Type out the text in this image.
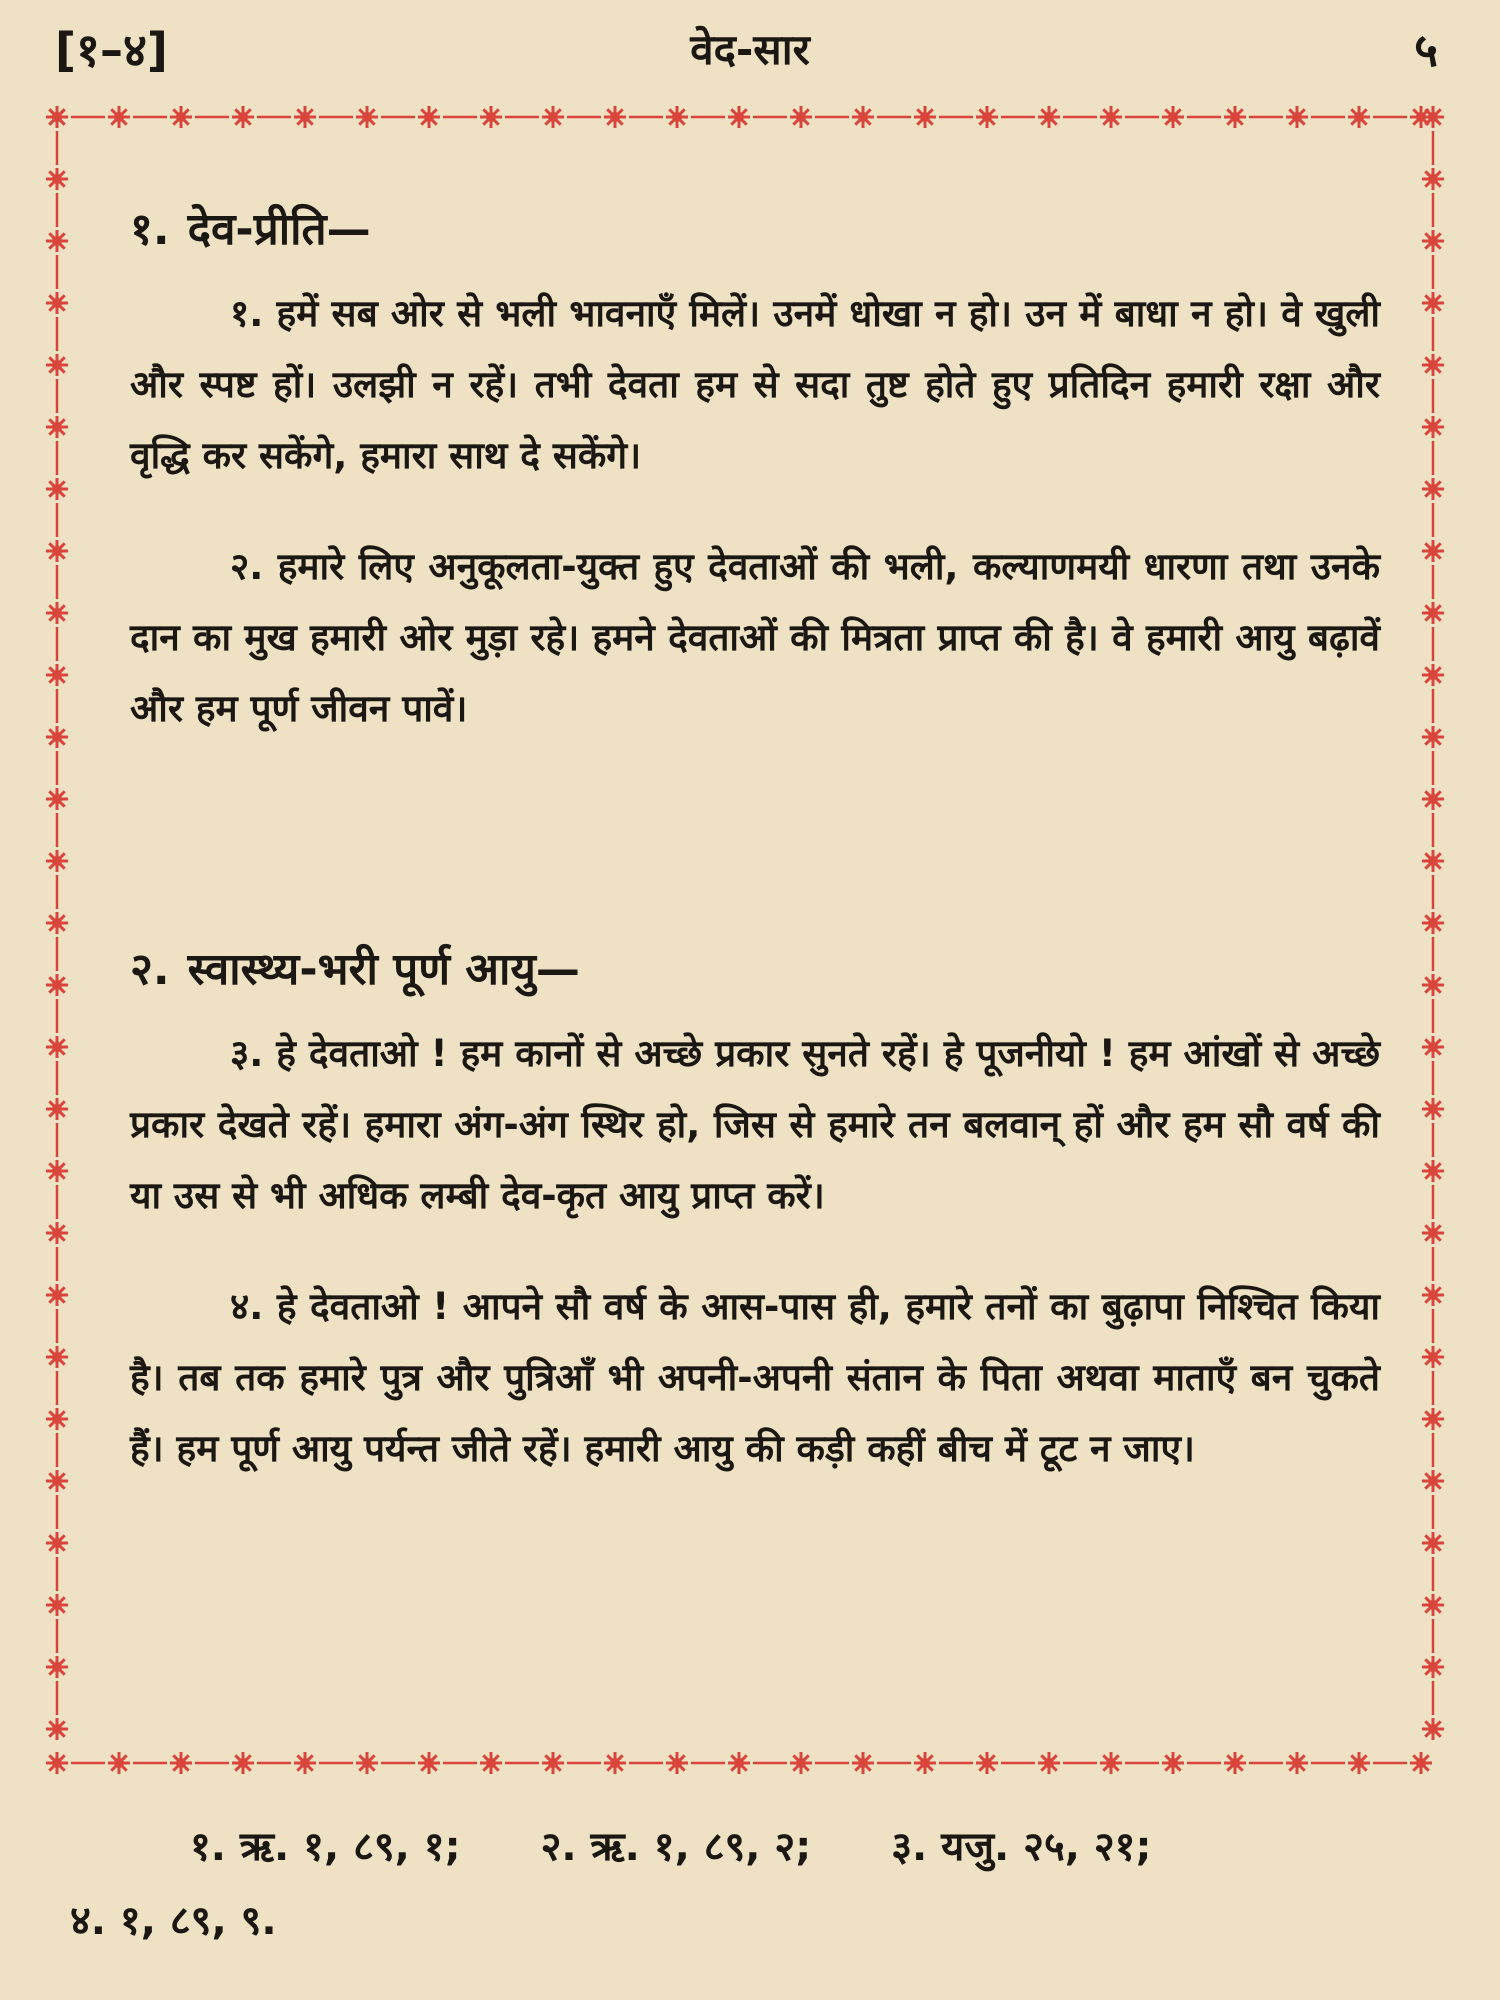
[१–४]	वेद-सार	५

१. देव-प्रीति—

१. हमें सब ओर से भली भावनाएँ मिलें। उनमें धोखा न हो। उन में बाधा न हो। वे खुली और स्पष्ट हों। उलझी न रहें। तभी देवता हम से सदा तुष्ट होते हुए प्रतिदिन हमारी रक्षा और वृद्धि कर सकेंगे, हमारा साथ दे सकेंगे।

२. हमारे लिए अनुकूलता-युक्त हुए देवताओं की भली, कल्याणमयी धारणा तथा उनके दान का मुख हमारी ओर मुड़ा रहे। हमने देवताओं की मित्रता प्राप्त की है। वे हमारी आयु बढ़ावें और हम पूर्ण जीवन पावें।

२. स्वास्थ्य-भरी पूर्ण आयु—

३. हे देवताओ ! हम कानों से अच्छे प्रकार सुनते रहें। हे पूजनीयो ! हम आंखों से अच्छे प्रकार देखते रहें। हमारा अंग-अंग स्थिर हो, जिस से हमारे तन बलवान् हों और हम सौ वर्ष की या उस से भी अधिक लम्बी देव-कृत आयु प्राप्त करें।

४. हे देवताओ ! आपने सौ वर्ष के आस-पास ही, हमारे तनों का बुढ़ापा निश्चित किया है। तब तक हमारे पुत्र और पुत्रिआँ भी अपनी-अपनी संतान के पिता अथवा माताएँ बन चुकते हैं। हम पूर्ण आयु पर्यन्त जीते रहें। हमारी आयु की कड़ी कहीं बीच में टूट न जाए।

१. ऋ. १, ८९, १; २. ऋ. १, ८९, २; ३. यजु. २५, २१;
४. १, ८९, ९.
